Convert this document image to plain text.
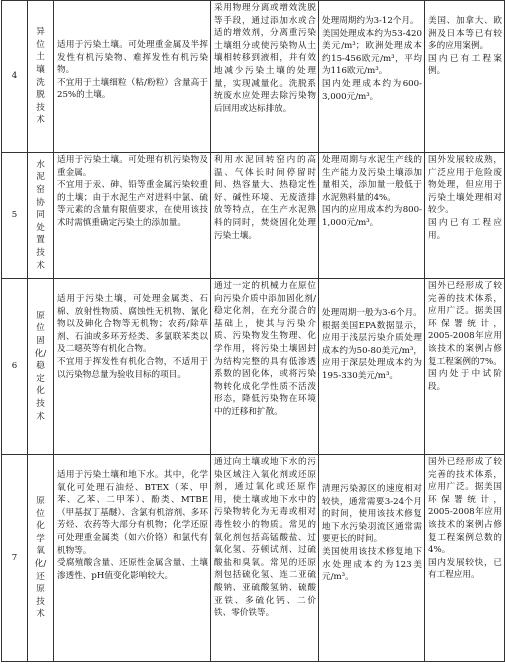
4	异位土壤洗脱技术	适用于污染土壤。可处理重金属及半挥发性有机污染物、难挥发性有机污染物。
不宜用于土壤细粒（粘/粉粒）含量高于25%的土壤。	采用物理分离或增效洗脱等手段，通过添加水或合适的增效剂，分离重污染土壤组分或使污染物从土壤相转移到液相，并有效地减少污染土壤的处理量，实现减量化。洗脱系统废水应处理去除污染物后回用或达标排放。	处理周期约为3-12个月。
美国处理成本约为53-420美元/m³；欧洲处理成本约15-456欧元/m³，平均为116欧元/m³。
国内处理成本约为600-3,000元/m³。	美国、加拿大、欧洲及日本等已有较多的应用案例。
国内已有工程案例。

5	水泥窑协同处置技术	适用于污染土壤。可处理有机污染物及重金属。
不宜用于汞、砷、铅等重金属污染较重的土壤；由于水泥生产对进料中氯、硫等元素的含量有限值要求，在使用该技术时需慎重确定污染土的添加量。	利用水泥回转窑内的高温、气体长时间停留时间、热容量大、热稳定性好、碱性环境、无废渣排放等特点，在生产水泥熟料的同时，焚烧固化处理污染土壤。	处理周期与水泥生产线的生产能力及污染土壤添加量相关，添加量一般低于水泥熟料量的4%。
国内的应用成本约为800-1,000元/m³。	国外发展较成熟，广泛应用于危险废物处理，但应用于污染土壤处理相对较少。
国内已有工程应用。

6	原位固化/稳定化技术	适用于污染土壤，可处理金属类、石棉、放射性物质、腐蚀性无机物、氰化物以及砷化合物等无机物；农药/除草剂、石油或多环芳烃类、多氯联苯类以及二噁英等有机化合物。
不宜用于挥发性有机化合物，不适用于以污染物总量为验收目标的项目。	通过一定的机械力在原位向污染介质中添加固化剂/稳定化剂，在充分混合的基础上，使其与污染介质、污染物发生物理、化学作用，将污染土壤固封为结构完整的具有低渗透系数的固化体，或将污染物转化成化学性质不活泼形态，降低污染物在环境中的迁移和扩散。	处理周期一般为3-6个月。
根据美国EPA数据显示，应用于浅层污染介质处理成本约为50-80美元/m³，应用于深层处理成本约为195-330美元/m³。	国外已经形成了较完善的技术体系，应用广泛。据美国环保署统计，2005-2008年应用该技术的案例占修复工程案例的7%。
国内处于中试阶段。

7	原位化学氧化/还原技术	适用于污染土壤和地下水。其中，化学氧化可处理石油烃、BTEX（苯、甲苯、乙苯、二甲苯）、酚类、MTBE（甲基叔丁基醚）、含氯有机溶剂、多环芳烃、农药等大部分有机物；化学还原可处理重金属类（如六价铬）和氯代有机物等。
受腐殖酸含量、还原性金属含量、土壤渗透性、pH值变化影响较大。	通过向土壤或地下水的污染区域注入氧化剂或还原剂，通过氧化或还原作用，使土壤或地下水中的污染物转化为无毒或相对毒性较小的物质。常见的氧化剂包括高锰酸盐、过氧化氢、芬顿试剂、过硫酸盐和臭氧。常见的还原剂包括硫化氢、连二亚硫酸钠、亚硫酸氢钠、硫酸亚铁、多硫化钙、二价铁、零价铁等。	清理污染源区的速度相对较快，通常需要3-24个月的时间，使用该技术修复地下水污染羽流区通常需要更长的时间。
美国使用该技术修复地下水处理成本约为123美元/m³。	国外已经形成了较完善的技术体系，应用广泛。据美国环保署统计，2005-2008年应用该技术的案例占修复工程案例总数的4%。
国内发展较快，已有工程应用。
